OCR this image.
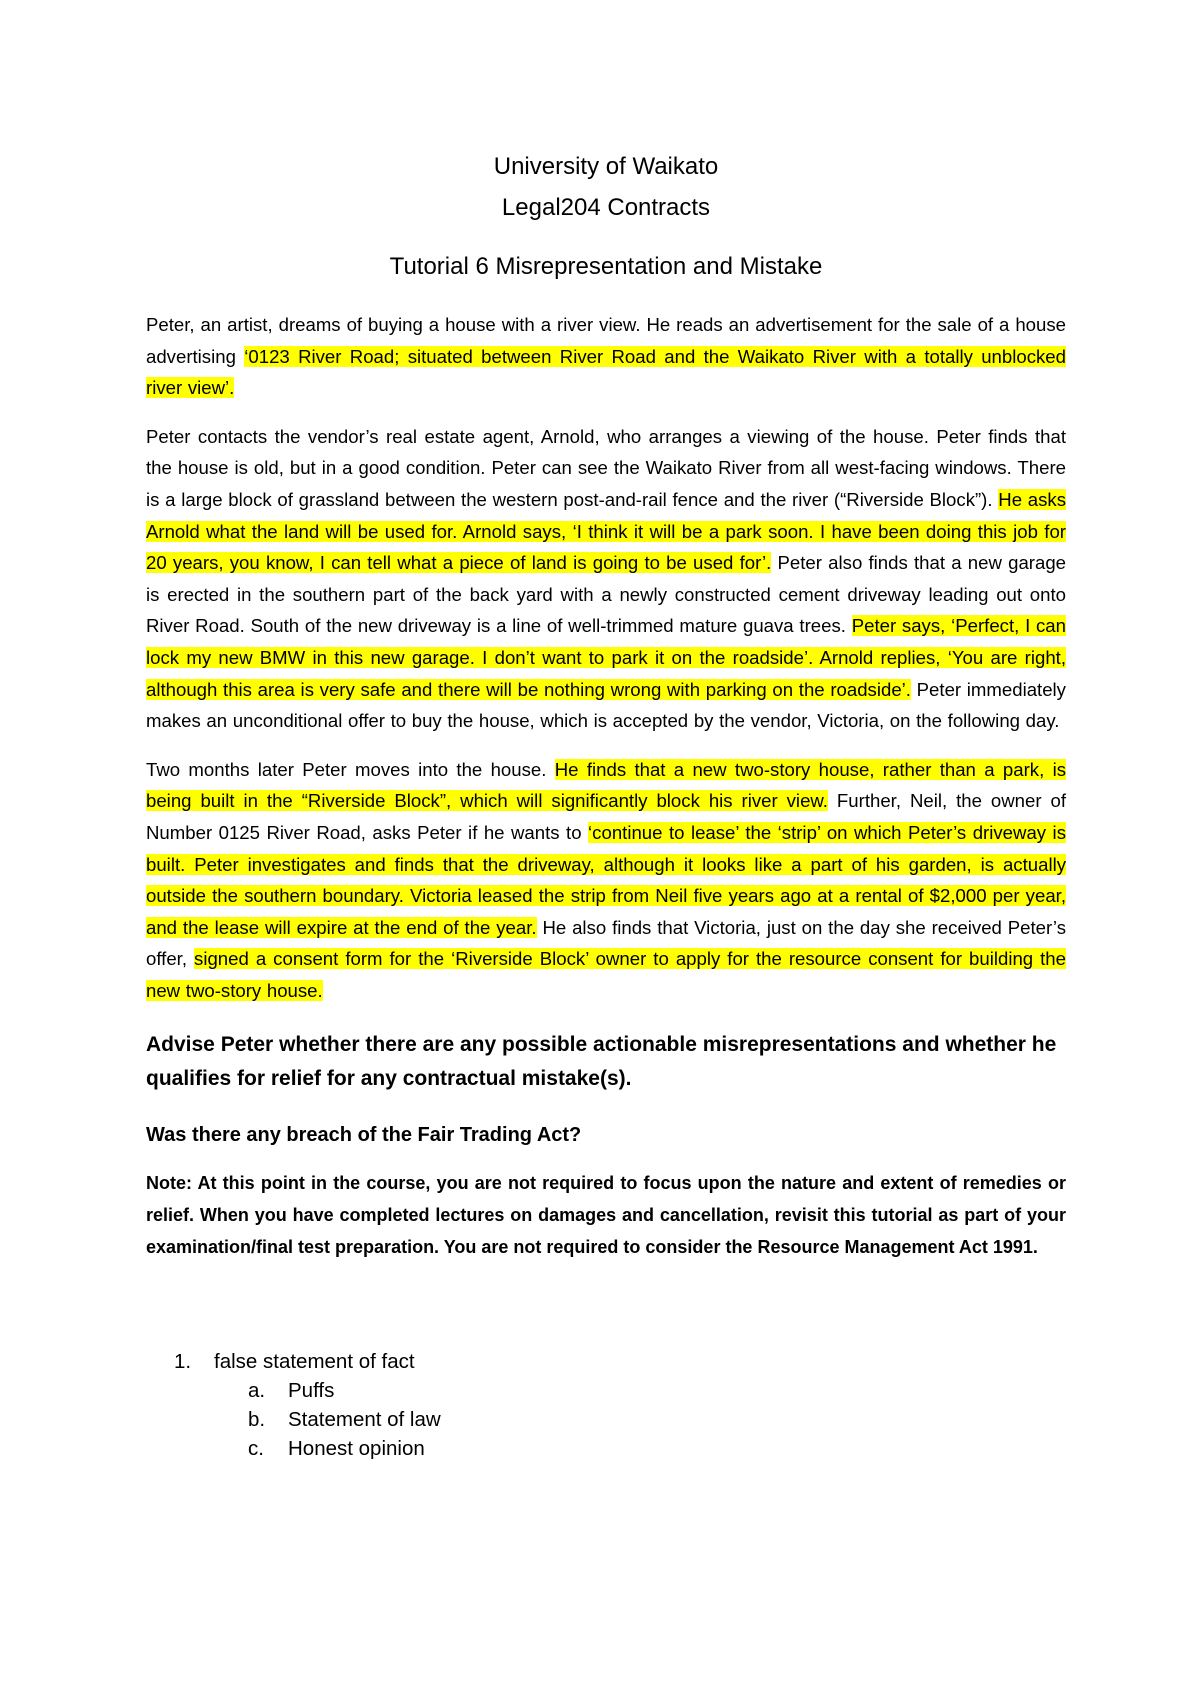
University of Waikato

Legal204 Contracts

Tutorial 6 Misrepresentation and Mistake

Peter, an artist, dreams of buying a house with a river view. He reads an advertisement for the sale of a house advertising ‘0123 River Road; situated between River Road and the Waikato River with a totally unblocked river view’.

Peter contacts the vendor’s real estate agent, Arnold, who arranges a viewing of the house. Peter finds that the house is old, but in a good condition. Peter can see the Waikato River from all west-facing windows. There is a large block of grassland between the western post-and-rail fence and the river (“Riverside Block”). He asks Arnold what the land will be used for. Arnold says, ‘I think it will be a park soon. I have been doing this job for 20 years, you know, I can tell what a piece of land is going to be used for’. Peter also finds that a new garage is erected in the southern part of the back yard with a newly constructed cement driveway leading out onto River Road. South of the new driveway is a line of well-trimmed mature guava trees. Peter says, ‘Perfect, I can lock my new BMW in this new garage. I don’t want to park it on the roadside’. Arnold replies, ‘You are right, although this area is very safe and there will be nothing wrong with parking on the roadside’. Peter immediately makes an unconditional offer to buy the house, which is accepted by the vendor, Victoria, on the following day.

Two months later Peter moves into the house. He finds that a new two-story house, rather than a park, is being built in the “Riverside Block”, which will significantly block his river view. Further, Neil, the owner of Number 0125 River Road, asks Peter if he wants to ‘continue to lease’ the ‘strip’ on which Peter’s driveway is built. Peter investigates and finds that the driveway, although it looks like a part of his garden, is actually outside the southern boundary. Victoria leased the strip from Neil five years ago at a rental of $2,000 per year, and the lease will expire at the end of the year. He also finds that Victoria, just on the day she received Peter’s offer, signed a consent form for the ‘Riverside Block’ owner to apply for the resource consent for building the new two-story house.

Advise Peter whether there are any possible actionable misrepresentations and whether he qualifies for relief for any contractual mistake(s).

Was there any breach of the Fair Trading Act?

Note: At this point in the course, you are not required to focus upon the nature and extent of remedies or relief. When you have completed lectures on damages and cancellation, revisit this tutorial as part of your examination/final test preparation. You are not required to consider the Resource Management Act 1991.

1.	false statement of fact
a.	Puffs
b.	Statement of law
c.	Honest opinion
